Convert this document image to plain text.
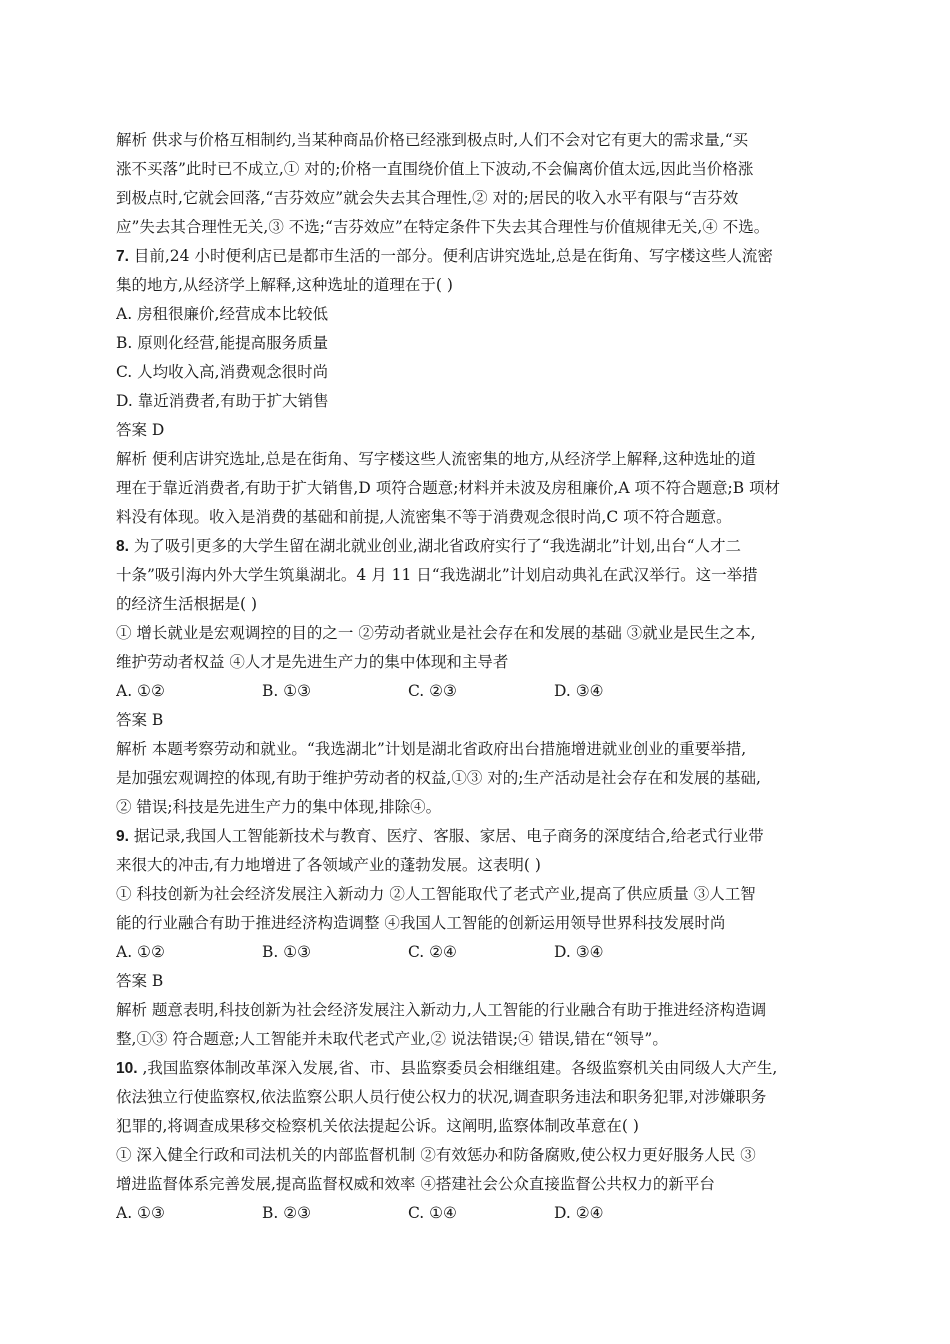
解析 供求与价格互相制约,当某种商品价格已经涨到极点时,人们不会对它有更大的需求量,“买
涨不买落”此时已不成立,① 对的;价格一直围绕价值上下波动,不会偏离价值太远,因此当价格涨
到极点时,它就会回落,“吉芬效应”就会失去其合理性,② 对的;居民的收入水平有限与“吉芬效
应”失去其合理性无关,③ 不选;“吉芬效应”在特定条件下失去其合理性与价值规律无关,④ 不选。
7. 目前,24 小时便利店已是都市生活的一部分。便利店讲究选址,总是在街角、写字楼这些人流密
集的地方,从经济学上解释,这种选址的道理在于( )
A. 房租很廉价,经营成本比较低
B. 原则化经营,能提高服务质量
C. 人均收入高,消费观念很时尚
D. 靠近消费者,有助于扩大销售
答案 D
解析 便利店讲究选址,总是在街角、写字楼这些人流密集的地方,从经济学上解释,这种选址的道
理在于靠近消费者,有助于扩大销售,D 项符合题意;材料并未波及房租廉价,A 项不符合题意;B 项材
料没有体现。收入是消费的基础和前提,人流密集不等于消费观念很时尚,C 项不符合题意。
8. 为了吸引更多的大学生留在湖北就业创业,湖北省政府实行了“我选湖北”计划,出台“人才二
十条”吸引海内外大学生筑巢湖北。4 月 11 日“我选湖北”计划启动典礼在武汉举行。这一举措
的经济生活根据是( )
① 增长就业是宏观调控的目的之一 ②劳动者就业是社会存在和发展的基础 ③就业是民生之本,
维护劳动者权益 ④人才是先进生产力的集中体现和主导者
A. ①②	B. ①③	C. ②③	D. ③④
答案 B
解析 本题考察劳动和就业。“我选湖北”计划是湖北省政府出台措施增进就业创业的重要举措,
是加强宏观调控的体现,有助于维护劳动者的权益,①③ 对的;生产活动是社会存在和发展的基础,
② 错误;科技是先进生产力的集中体现,排除④。
9. 据记录,我国人工智能新技术与教育、医疗、客服、家居、电子商务的深度结合,给老式行业带
来很大的冲击,有力地增进了各领域产业的蓬勃发展。这表明( )
① 科技创新为社会经济发展注入新动力 ②人工智能取代了老式产业,提高了供应质量 ③人工智
能的行业融合有助于推进经济构造调整 ④我国人工智能的创新运用领导世界科技发展时尚
A. ①②	B. ①③	C. ②④	D. ③④
答案 B
解析 题意表明,科技创新为社会经济发展注入新动力,人工智能的行业融合有助于推进经济构造调
整,①③ 符合题意;人工智能并未取代老式产业,② 说法错误;④ 错误,错在“领导”。
10. ,我国监察体制改革深入发展,省、市、县监察委员会相继组建。各级监察机关由同级人大产生,
依法独立行使监察权,依法监察公职人员行使公权力的状况,调查职务违法和职务犯罪,对涉嫌职务
犯罪的,将调查成果移交检察机关依法提起公诉。这阐明,监察体制改革意在( )
① 深入健全行政和司法机关的内部监督机制 ②有效惩办和防备腐败,使公权力更好服务人民 ③
增进监督体系完善发展,提高监督权威和效率 ④搭建社会公众直接监督公共权力的新平台
A. ①③	B. ②③	C. ①④	D. ②④
